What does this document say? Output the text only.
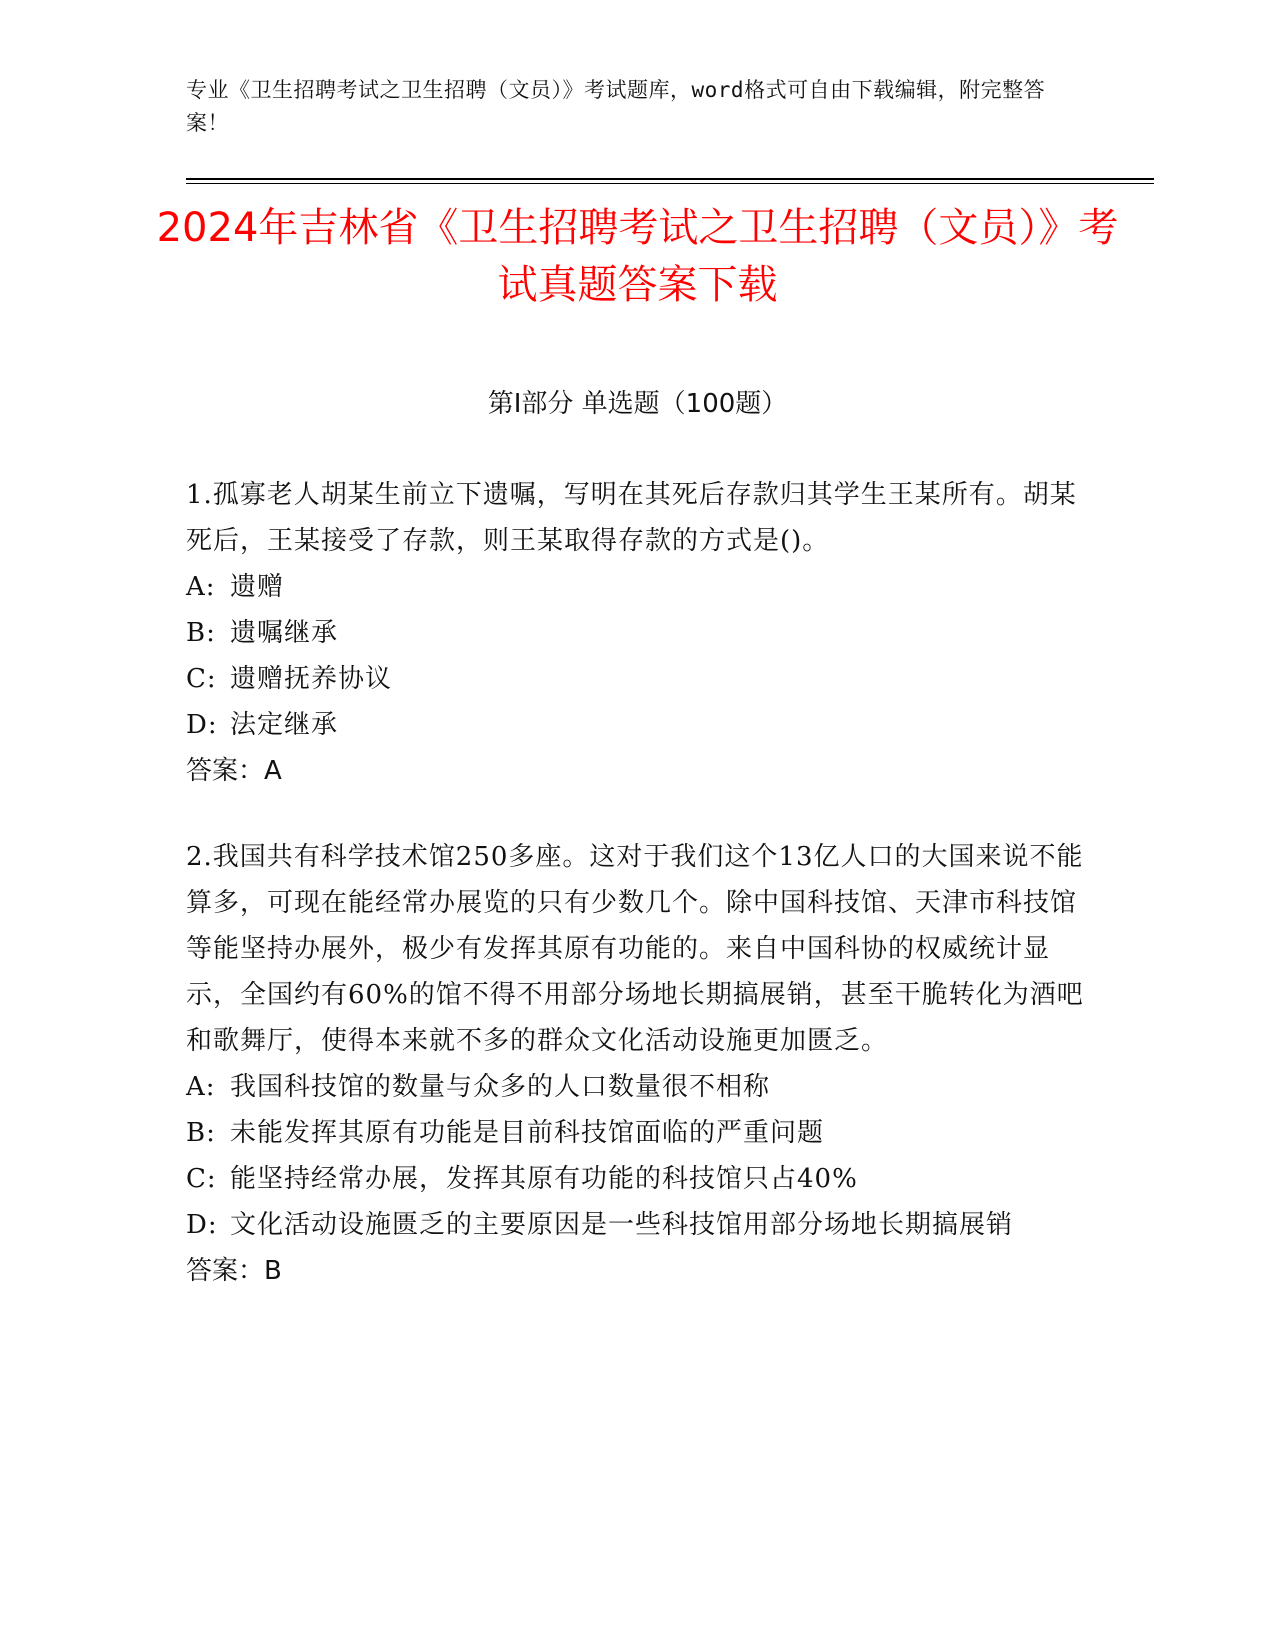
专业《卫生招聘考试之卫生招聘（文员）》考试题库，word格式可自由下载编辑，附完整答案！
2024年吉林省《卫生招聘考试之卫生招聘（文员）》考试真题答案下载
第Ⅰ部分 单选题（100题）

1.孤寡老人胡某生前立下遗嘱，写明在其死后存款归其学生王某所有。胡某死后，王某接受了存款，则王某取得存款的方式是()。

A: 遗赠

B: 遗嘱继承

C: 遗赠抚养协议

D: 法定继承

答案：A

2.我国共有科学技术馆250多座。这对于我们这个13亿人口的大国来说不能算多，可现在能经常办展览的只有少数几个。除中国科技馆、天津市科技馆等能坚持办展外，极少有发挥其原有功能的。来自中国科协的权威统计显示，全国约有60%的馆不得不用部分场地长期搞展销，甚至干脆转化为酒吧和歌舞厅，使得本来就不多的群众文化活动设施更加匮乏。

A: 我国科技馆的数量与众多的人口数量很不相称

B: 未能发挥其原有功能是目前科技馆面临的严重问题

C: 能坚持经常办展，发挥其原有功能的科技馆只占40%

D: 文化活动设施匮乏的主要原因是一些科技馆用部分场地长期搞展销

答案：B
